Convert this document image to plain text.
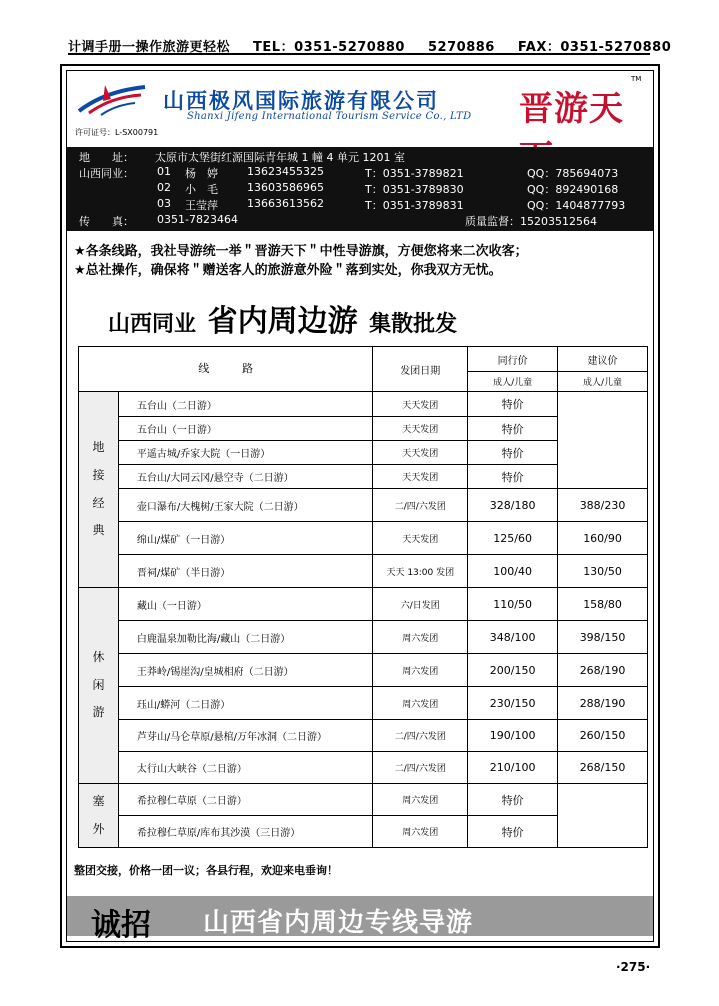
计调手册一操作旅游更轻松 TEL：0351-5270880 5270886 FAX：0351-5270880
山西极风国际旅游有限公司
Shanxi Jifeng International Tourism Service Co., LTD
许可证号：L-SX00791
晋游天
TM
地　　址： 太原市太堡街红源国际青年城 1 幢 4 单元 1201 室
山西同业： 01 杨　婷	13623455325	T：0351-3789821	QQ：785694073
02 小　毛	13603586965	T：0351-3789830	QQ：892490168
03 王莹萍	13663613562	T：0351-3789831	QQ：1404877793
传　　真： 0351-7823464	质量监督：15203512564
★各条线路，我社导游统一举＂晋游天下＂中性导游旗，方便您将来二次收客；
★总社操作，确保将＂赠送客人的旅游意外险＂落到实处，你我双方无忧。
山西同业 省内周边游 集散批发
线　　　路		发团日期	同行价	建议价
			成人/儿童	成人/儿童
地
接
经
典	五台山（二日游）	天天发团	特价	
	五台山（一日游）	天天发团	特价	
	平遥古城/乔家大院（一日游）	天天发团	特价	
	五台山/大同云冈/悬空寺（二日游）	天天发团	特价	
	壶口瀑布/大槐树/王家大院（二日游）	二/四/六发团	328/180	388/230
	绵山/煤矿（一日游）	天天发团	125/60	160/90
	晋祠/煤矿（半日游）	天天 13:00 发团	100/40	130/50
休
闲
游	藏山（一日游）	六/日发团	110/50	158/80
	白鹿温泉加勒比海/藏山（二日游）	周六发团	348/100	398/150
	王莽岭/锡崖沟/皇城相府（二日游）	周六发团	200/150	268/190
	珏山/蟒河（二日游）	周六发团	230/150	288/190
	芦芽山/马仑草原/悬棺/万年冰洞（二日游）	二/四/六发团	190/100	260/150
	太行山大峡谷（二日游）	二/四/六发团	210/100	268/150
塞
外	希拉穆仁草原（二日游）	周六发团	特价	
	希拉穆仁草原/库布其沙漠（三日游）	周六发团	特价	
整团交接，价格一团一议；各县行程，欢迎来电垂询！
诚招 山西省内周边专线导游
·275·
